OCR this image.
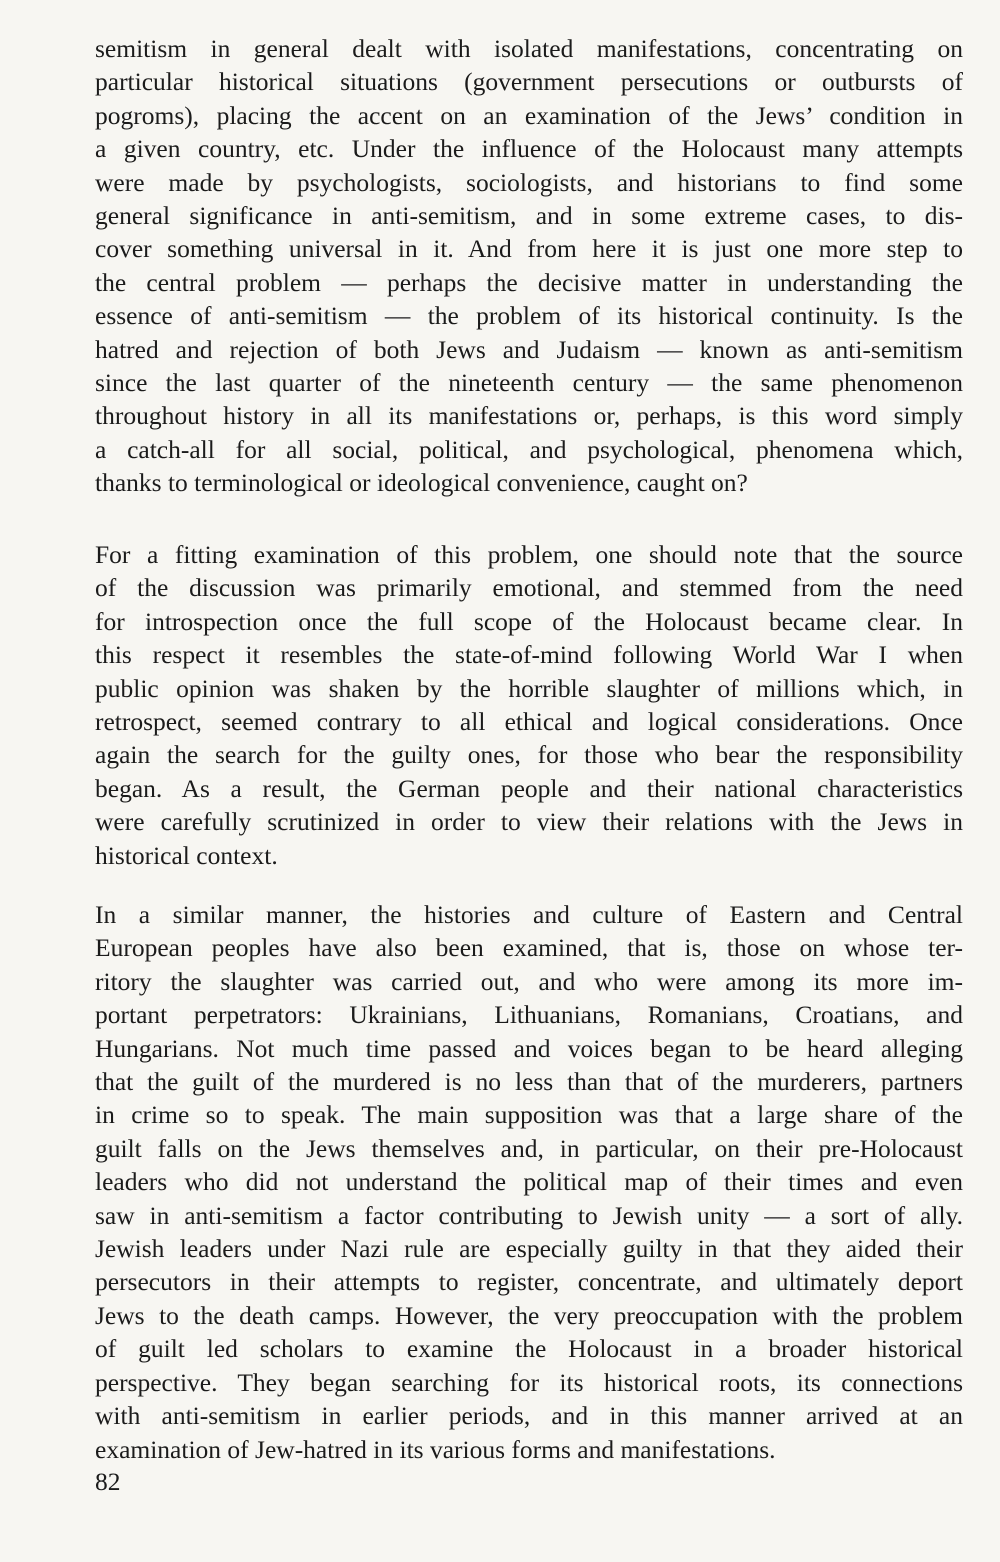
semitism in general dealt with isolated manifestations, concentrating on
particular historical situations (government persecutions or outbursts of
pogroms), placing the accent on an examination of the Jews’ condition in
a given country, etc. Under the influence of the Holocaust many attempts
were made by psychologists, sociologists, and historians to find some
general significance in anti-semitism, and in some extreme cases, to dis-
cover something universal in it. And from here it is just one more step to
the central problem — perhaps the decisive matter in understanding the
essence of anti-semitism — the problem of its historical continuity. Is the
hatred and rejection of both Jews and Judaism — known as anti-semitism
since the last quarter of the nineteenth century — the same phenomenon
throughout history in all its manifestations or, perhaps, is this word simply
a catch-all for all social, political, and psychological, phenomena which,
thanks to terminological or ideological convenience, caught on?

For a fitting examination of this problem, one should note that the source
of the discussion was primarily emotional, and stemmed from the need
for introspection once the full scope of the Holocaust became clear. In
this respect it resembles the state-of-mind following World War I when
public opinion was shaken by the horrible slaughter of millions which, in
retrospect, seemed contrary to all ethical and logical considerations. Once
again the search for the guilty ones, for those who bear the responsibility
began. As a result, the German people and their national characteristics
were carefully scrutinized in order to view their relations with the Jews in
historical context.

In a similar manner, the histories and culture of Eastern and Central
European peoples have also been examined, that is, those on whose ter-
ritory the slaughter was carried out, and who were among its more im-
portant perpetrators: Ukrainians, Lithuanians, Romanians, Croatians, and
Hungarians. Not much time passed and voices began to be heard alleging
that the guilt of the murdered is no less than that of the murderers, partners
in crime so to speak. The main supposition was that a large share of the
guilt falls on the Jews themselves and, in particular, on their pre-Holocaust
leaders who did not understand the political map of their times and even
saw in anti-semitism a factor contributing to Jewish unity — a sort of ally.
Jewish leaders under Nazi rule are especially guilty in that they aided their
persecutors in their attempts to register, concentrate, and ultimately deport
Jews to the death camps. However, the very preoccupation with the problem
of guilt led scholars to examine the Holocaust in a broader historical
perspective. They began searching for its historical roots, its connections
with anti-semitism in earlier periods, and in this manner arrived at an
examination of Jew-hatred in its various forms and manifestations.

82
